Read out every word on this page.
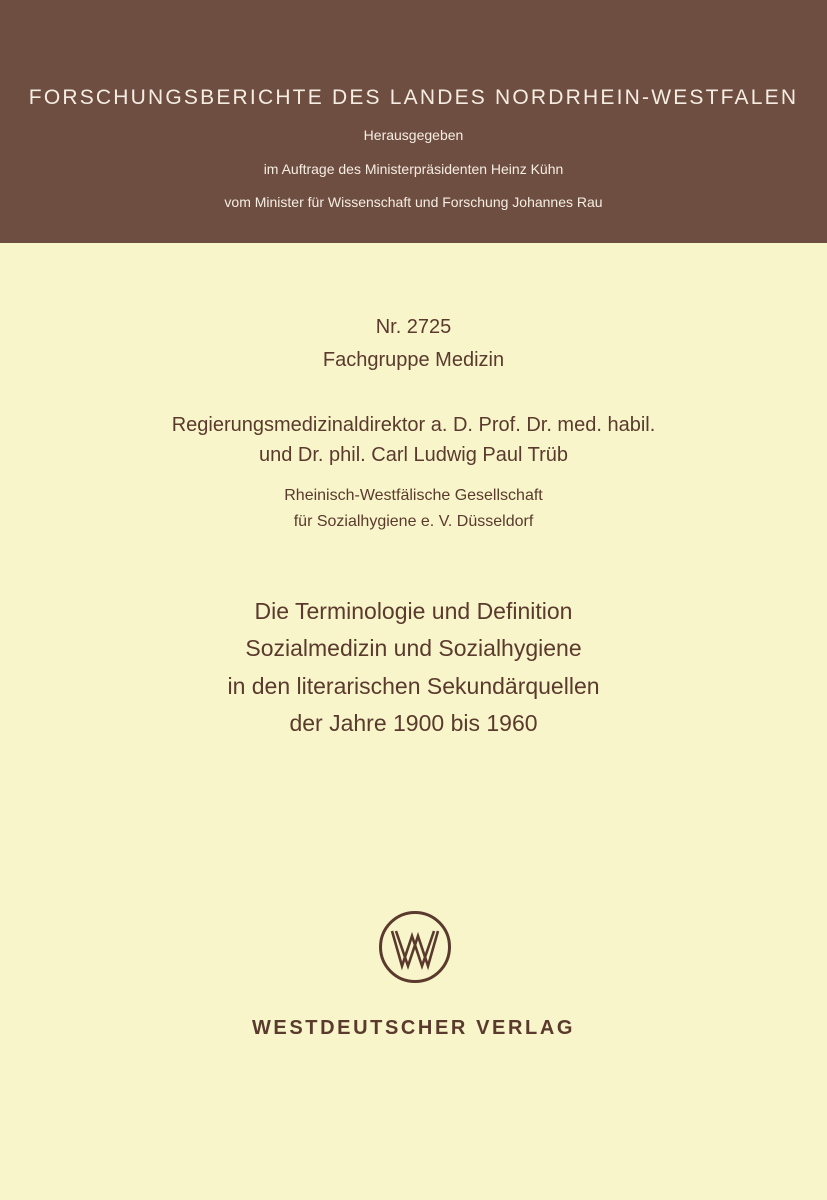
FORSCHUNGSBERICHTE DES LANDES NORDRHEIN-WESTFALEN
Herausgegeben
im Auftrage des Ministerpräsidenten Heinz Kühn
vom Minister für Wissenschaft und Forschung Johannes Rau
Nr. 2725
Fachgruppe Medizin
Regierungsmedizinaldirektor a. D. Prof. Dr. med. habil.
und Dr. phil. Carl Ludwig Paul Trüb
Rheinisch-Westfälische Gesellschaft
für Sozialhygiene e. V. Düsseldorf
Die Terminologie und Definition
Sozialmedizin und Sozialhygiene
in den literarischen Sekundärquellen
der Jahre 1900 bis 1960
WESTDEUTSCHER VERLAG
